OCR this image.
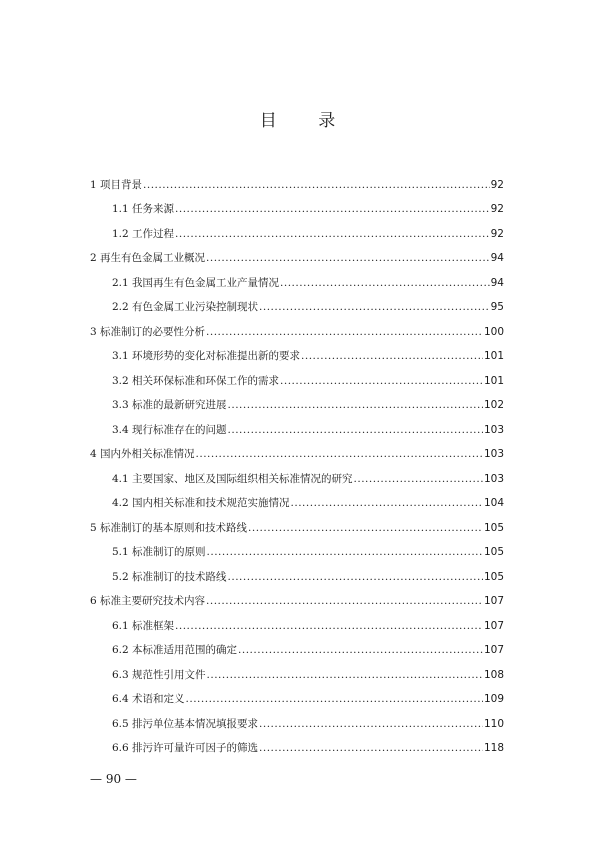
目 录
1 项目背景 .....	92
1.1 任务来源 .....	92
1.2 工作过程 .....	92
2 再生有色金属工业概况 .....	94
2.1 我国再生有色金属工业产量情况 .....	94
2.2 有色金属工业污染控制现状 .....	95
3 标准制订的必要性分析 .....	100
3.1 环境形势的变化对标准提出新的要求 .....	101
3.2 相关环保标准和环保工作的需求 .....	101
3.3 标准的最新研究进展 .....	102
3.4 现行标准存在的问题 .....	103
4 国内外相关标准情况 .....	103
4.1 主要国家、地区及国际组织相关标准情况的研究 .....	103
4.2 国内相关标准和技术规范实施情况 .....	104
5 标准制订的基本原则和技术路线 .....	105
5.1 标准制订的原则 .....	105
5.2 标准制订的技术路线 .....	105
6 标准主要研究技术内容 .....	107
6.1 标准框架 .....	107
6.2 本标准适用范围的确定 .....	107
6.3 规范性引用文件 .....	108
6.4 术语和定义 .....	109
6.5 排污单位基本情况填报要求 .....	110
6.6 排污许可量许可因子的筛选 .....	118
— 90 —
